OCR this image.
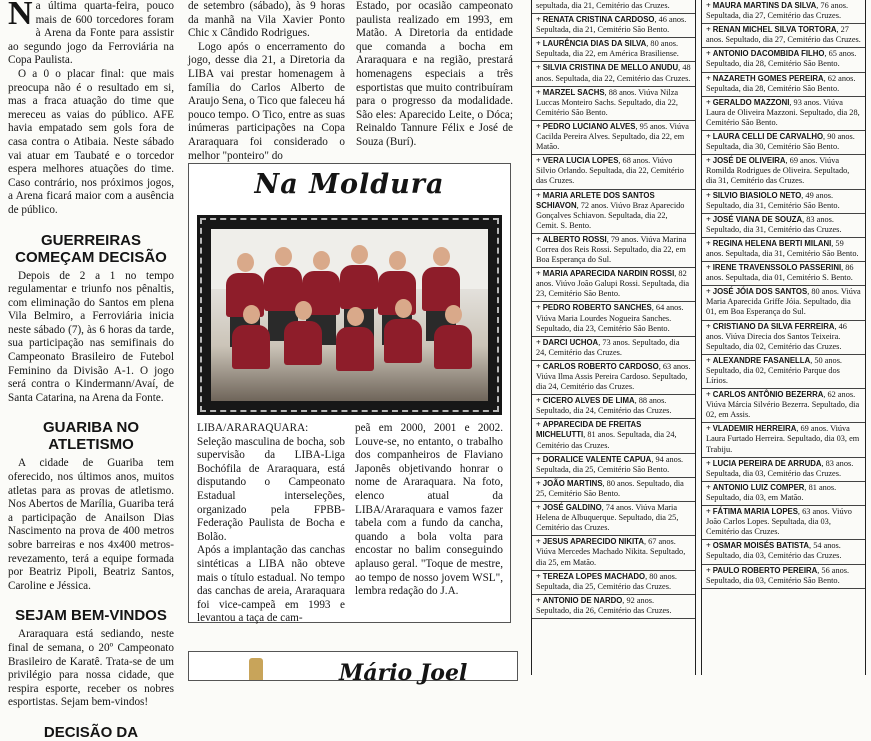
Na última quarta-feira, pouco mais de 600 torcedores foram à Arena da Fonte para assistir ao segundo jogo da Ferroviária na Copa Paulista.

O a 0 o placar final: que mais preocupa não é o resultado em si, mas a fraca atuação do time que mereceu as vaias do público. AFE havia empatado sem gols fora de casa contra o Atibaia. Neste sábado vai atuar em Taubaté e o torcedor espera melhores atuações do time. Caso contrário, nos próximos jogos, a Arena ficará maior com a ausência de público.

GUERREIRAS COMEÇAM DECISÃO

Depois de 2 a 1 no tempo regulamentar e triunfo nos pênaltis, com eliminação do Santos em plena Vila Belmiro, a Ferroviária inicia neste sábado (7), às 6 horas da tarde, sua participação nas semifinais do Campeonato Brasileiro de Futebol Feminino da Divisão A-1. O jogo será contra o Kindermann/Avaí, de Santa Catarina, na Arena da Fonte.

GUARIBA NO ATLETISMO

A cidade de Guariba tem oferecido, nos últimos anos, muitos atletas para as provas de atletismo. Nos Abertos de Marília, Guariba terá a participação de Anailson Dias Nascimento na prova de 400 metros sobre barreiras e nos 4x400 metros-revezamento, terá a equipe formada por Beatriz Pipoli, Beatriz Santos, Caroline e Jéssica.

SEJAM BEM-VINDOS

Araraquara está sediando, neste final de semana, o 20º Campeonato Brasileiro de Karatê. Trata-se de um privilégio para nossa cidade, que respira esporte, receber os nobres esportistas. Sejam bem-vindos!

DECISÃO DA

de setembro (sábado), às 9 horas da manhã na Vila Xavier Ponto Chic x Cândido Rodrigues.

Logo após o encerramento do jogo, desse dia 21, a Diretoria da LIBA vai prestar homenagem à família do Carlos Alberto de Araujo Sena, o Tico que faleceu há pouco tempo. O Tico, entre as suas inúmeras participações na Copa Araraquara foi considerado o melhor "ponteiro" do

Estado, por ocasião campeonato paulista realizado em 1993, em Matão. A Diretoria da entidade que comanda a bocha em Araraquara e na região, prestará homenagens especiais a três esportistas que muito contribuíram para o progresso da modalidade. São eles: Aparecido Leite, o Dóca; Reinaldo Tannure Félix e José de Souza (Burí).

Na Moldura
LIBA/ARARAQUARA: Seleção masculina de bocha, sob supervisão da LIBA-Liga Bochófila de Araraquara, está disputando o Campeonato Estadual interseleções, organizado pela FPBB-Federação Paulista de Bocha e Bolão.
Após a implantação das canchas sintéticas a LIBA não obteve mais o título estadual. No tempo das canchas de areia, Araraquara foi vice-campeã em 1993 e levantou a taça de cam-
peã em 2000, 2001 e 2002. Louve-se, no entanto, o trabalho dos companheiros de Flaviano Japonês objetivando honrar o nome de Araraquara. Na foto, elenco atual da LIBA/Araraquara e vamos fazer tabela com a fundo da cancha, quando a bola volta para encostar no balim conseguindo aplauso geral. "Toque de mestre, ao tempo de nosso jovem WSL", lembra redação do J.A.
Mário Joel
sepultada, dia 21, Cemitério das Cruzes.
+ RENATA CRISTINA CARDOSO, 46 anos. Sepultada, dia 21, Cemitério São Bento.
+ LAURÊNCIA DIAS DA SILVA, 80 anos. Sepultada, dia 22, em América Brasiliense.
+ SILVIA CRISTINA DE MELLO ANUDU, 48 anos. Sepultada, dia 22, Cemitério das Cruzes.
+ MARZEL SACHS, 88 anos. Viúva Nilza Luccas Monteiro Sachs. Sepultado, dia 22, Cemitério São Bento.
+ PEDRO LUCIANO ALVES, 95 anos. Viúva Cacilda Pereira Alves. Sepultado, dia 22, em Matão.
+ VERA LUCIA LOPES, 68 anos. Viúvo Silvio Orlando. Sepultada, dia 22, Cemitério das Cruzes.
+ MARIA ARLETE DOS SANTOS SCHIAVON, 72 anos. Viúvo Braz Aparecido Gonçalves Schiavon. Sepultada, dia 22, Cemit. S. Bento.
+ ALBERTO ROSSI, 79 anos. Viúva Marina Correa dos Reis Rossi. Sepultado, dia 22, em Boa Esperança do Sul.
+ MARIA APARECIDA NARDIN ROSSI, 82 anos. Viúvo João Galupi Rossi. Sepultada, dia 23, Cemitério São Bento.
+ PEDRO ROBERTO SANCHES, 64 anos. Viúva Maria Lourdes Nogueira Sanches. Sepultado, dia 23, Cemitério São Bento.
+ DARCI UCHOA, 73 anos. Sepultado, dia 24, Cemitério das Cruzes.
+ CARLOS ROBERTO CARDOSO, 63 anos. Viúva Ilma Assis Pereira Cardoso. Sepultado, dia 24, Cemitério das Cruzes.
+ CICERO ALVES DE LIMA, 88 anos. Sepultado, dia 24, Cemitério das Cruzes.
+ APPARECIDA DE FREITAS MICHELUTTI, 81 anos. Sepultada, dia 24, Cemitério das Cruzes.
+ DORALICE VALENTE CAPUA, 94 anos. Sepultada, dia 25, Cemitério São Bento.
+ JOÃO MARTINS, 80 anos. Sepultado, dia 25, Cemitério São Bento.
+ JOSÉ GALDINO, 74 anos. Viúva Maria Helena de Albuquerque. Sepultado, dia 25, Cemitério das Cruzes.
+ JESUS APARECIDO NIKITA, 67 anos. Viúva Mercedes Machado Nikita. Sepultado, dia 25, em Matão.
+ TEREZA LOPES MACHADO, 80 anos. Sepultada, dia 25, Cemitério das Cruzes.
+ ANTONIO DE NARDO, 92 anos. Sepultado, dia 26, Cemitério das Cruzes.
+ MAURA MARTINS DA SILVA, 76 anos. Sepultada, dia 27, Cemitério das Cruzes.
+ RENAN MICHEL SILVA TORTORA, 27 anos. Sepultado, dia 27, Cemitério das Cruzes.
+ ANTONIO DACOMBIDA FILHO, 65 anos. Sepultado, dia 28, Cemitério São Bento.
+ NAZARETH GOMES PEREIRA, 62 anos. Sepultada, dia 28, Cemitério São Bento.
+ GERALDO MAZZONI, 93 anos. Viúva Laura de Oliveira Mazzoni. Sepultado, dia 28, Cemitério São Bento.
+ LAURA CELLI DE CARVALHO, 90 anos. Sepultada, dia 30, Cemitério São Bento.
+ JOSÉ DE OLIVEIRA, 69 anos. Viúva Romilda Rodrigues de Oliveira. Sepultado, dia 31, Cemitério das Cruzes.
+ SILVIO BIASIOLO NETO, 49 anos. Sepultado, dia 31, Cemitério São Bento.
+ JOSÉ VIANA DE SOUZA, 83 anos. Sepultado, dia 31, Cemitério das Cruzes.
+ REGINA HELENA BERTI MILANI, 59 anos. Sepultada, dia 31, Cemitério São Bento.
+ IRENE TRAVENSSOLO PASSERINI, 86 anos. Sepultada, dia 01, Cemitério S. Bento.
+ JOSÉ JÓIA DOS SANTOS, 80 anos. Viúva Maria Aparecida Griffe Jóia. Sepultado, dia 01, em Boa Esperança do Sul.
+ CRISTIANO DA SILVA FERREIRA, 46 anos. Viúva Direcia dos Santos Teixeira. Sepultado, dia 02, Cemitério das Cruzes.
+ ALEXANDRE FASANELLA, 50 anos. Sepultado, dia 02, Cemitério Parque dos Lírios.
+ CARLOS ANTÔNIO BEZERRA, 62 anos. Viúva Márcia Silvério Bezerra. Sepultado, dia 02, em Assis.
+ VLADEMIR HERREIRA, 69 anos. Viúva Laura Furtado Herreira. Sepultado, dia 03, em Trabiju.
+ LUCIA PEREIRA DE ARRUDA, 83 anos. Sepultada, dia 03, Cemitério das Cruzes.
+ ANTONIO LUIZ COMPER, 81 anos. Sepultado, dia 03, em Matão.
+ FÁTIMA MARIA LOPES, 63 anos. Viúvo João Carlos Lopes. Sepultada, dia 03, Cemitério das Cruzes.
+ OSMAR MOISÉS BATISTA, 54 anos. Sepultado, dia 03, Cemitério das Cruzes.
+ PAULO ROBERTO PEREIRA, 56 anos. Sepultado, dia 03, Cemitério São Bento.
